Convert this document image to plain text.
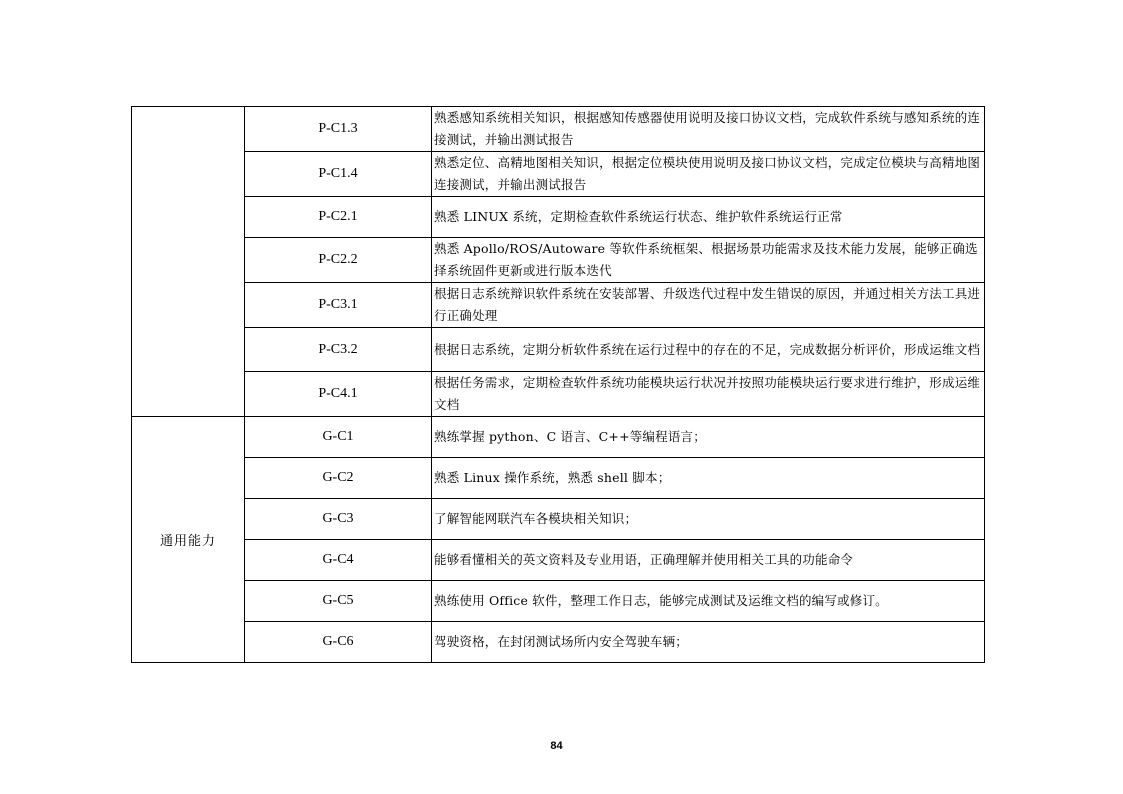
	P-C1.3	熟悉感知系统相关知识，根据感知传感器使用说明及接口协议文档，完成软件系统与感知系统的连接测试，并输出测试报告
	P-C1.4	熟悉定位、高精地图相关知识，根据定位模块使用说明及接口协议文档，完成定位模块与高精地图连接测试，并输出测试报告
	P-C2.1	熟悉 LINUX 系统，定期检查软件系统运行状态、维护软件系统运行正常
	P-C2.2	熟悉 Apollo/ROS/Autoware 等软件系统框架、根据场景功能需求及技术能力发展，能够正确选择系统固件更新或进行版本迭代
	P-C3.1	根据日志系统辩识软件系统在安装部署、升级迭代过程中发生错误的原因，并通过相关方法工具进行正确处理
	P-C3.2	根据日志系统，定期分析软件系统在运行过程中的存在的不足，完成数据分析评价，形成运维文档
	P-C4.1	根据任务需求，定期检查软件系统功能模块运行状况并按照功能模块运行要求进行维护，形成运维文档
通用能力	G-C1	熟练掌握 python、C 语言、C++等编程语言；
	G-C2	熟悉 Linux 操作系统，熟悉 shell 脚本；
	G-C3	了解智能网联汽车各模块相关知识；
	G-C4	能够看懂相关的英文资料及专业用语，正确理解并使用相关工具的功能命令
	G-C5	熟练使用 Office 软件，整理工作日志，能够完成测试及运维文档的编写或修订。
	G-C6	驾驶资格，在封闭测试场所内安全驾驶车辆；
84
